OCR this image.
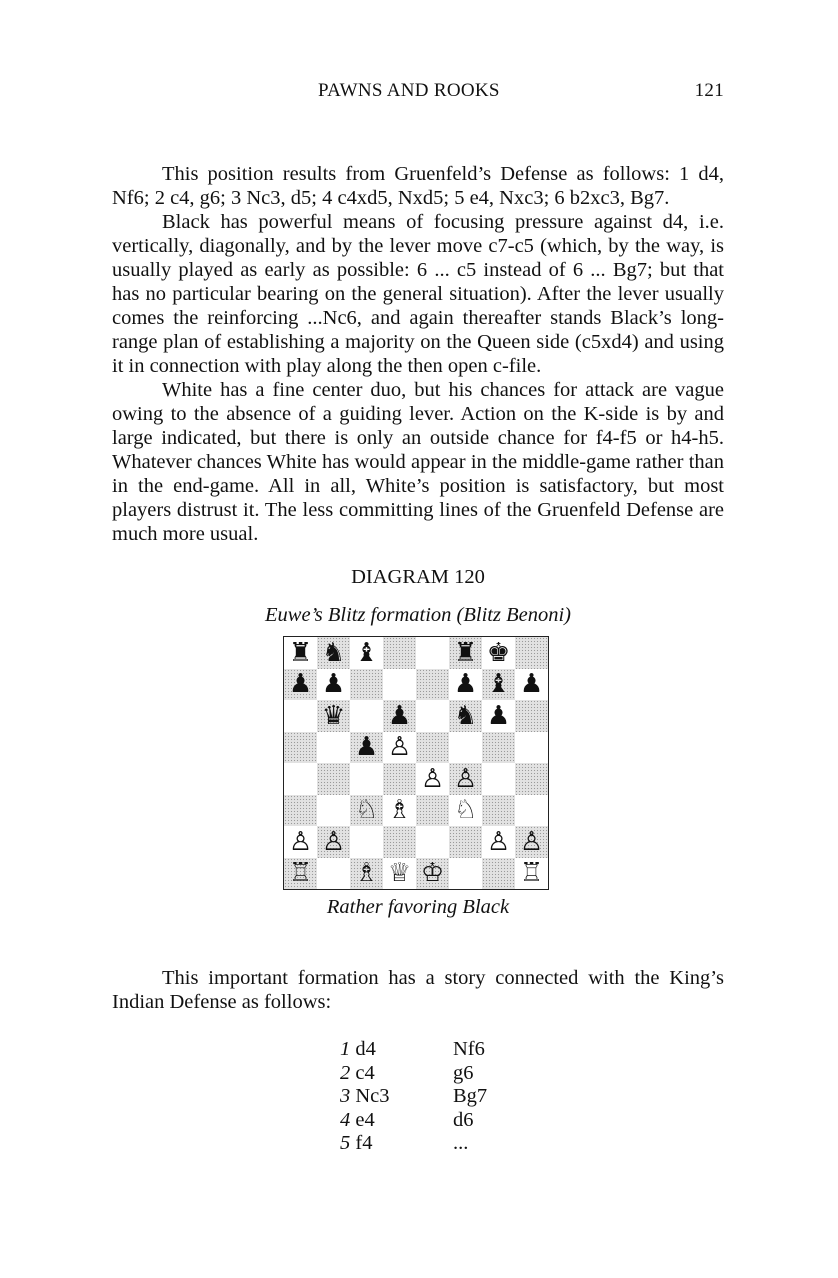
PAWNS AND ROOKS	121
This position results from Gruenfeld’s Defense as follows: 1 d4, Nf6; 2 c4, g6; 3 Nc3, d5; 4 c4xd5, Nxd5; 5 e4, Nxc3; 6 b2xc3, Bg7.
Black has powerful means of focusing pressure against d4, i.e. vertically, diagonally, and by the lever move c7-c5 (which, by the way, is usually played as early as possible: 6 ... c5 instead of 6 ... Bg7; but that has no particular bearing on the general situation). After the lever usually comes the reinforcing ...Nc6, and again thereafter stands Black’s long-range plan of establishing a majority on the Queen side (c5xd4) and using it in connection with play along the then open c-file.
White has a fine center duo, but his chances for attack are vague owing to the absence of a guiding lever. Action on the K-side is by and large indicated, but there is only an outside chance for f4-f5 or h4-h5. Whatever chances White has would appear in the middle-game rather than in the end-game. All in all, White’s position is satisfactory, but most players distrust it. The less committing lines of the Gruenfeld Defense are much more usual.

DIAGRAM 120

Euwe’s Blitz formation (Blitz Benoni)

♜ ♞ ♝	♜ ♚
♟ ♟	♟ ♝ ♟
♛ ♟ ♞ ♟
♟ ♙
♙ ♙
♘ ♗ ♘
♙ ♙	♙ ♙
♖ ♗ ♕ ♔	♖

Rather favoring Black

This important formation has a story connected with the King’s Indian Defense as follows:
1 d4	Nf6
2 c4	g6
3 Nc3	Bg7
4 e4	d6
5 f4	...
